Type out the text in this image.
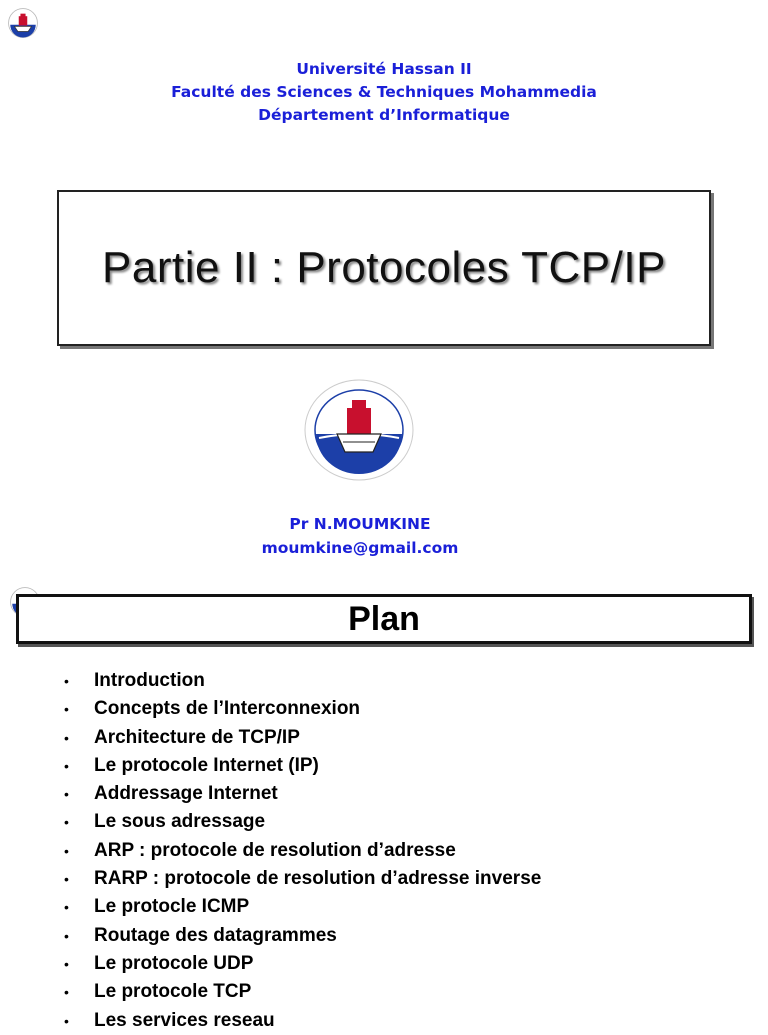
Université Hassan II
Faculté des Sciences & Techniques Mohammedia
Département d’Informatique
Partie II : Protocoles TCP/IP
Pr N.MOUMKINE
moumkine@gmail.com
Plan
• Introduction
• Concepts de l’Interconnexion
• Architecture de TCP/IP
• Le protocole Internet (IP)
• Addressage Internet
• Le sous adressage
• ARP : protocole de resolution d’adresse
• RARP : protocole de resolution d’adresse inverse
• Le protocle ICMP
• Routage des datagrammes
• Le protocole UDP
• Le protocole TCP
• Les services reseau
